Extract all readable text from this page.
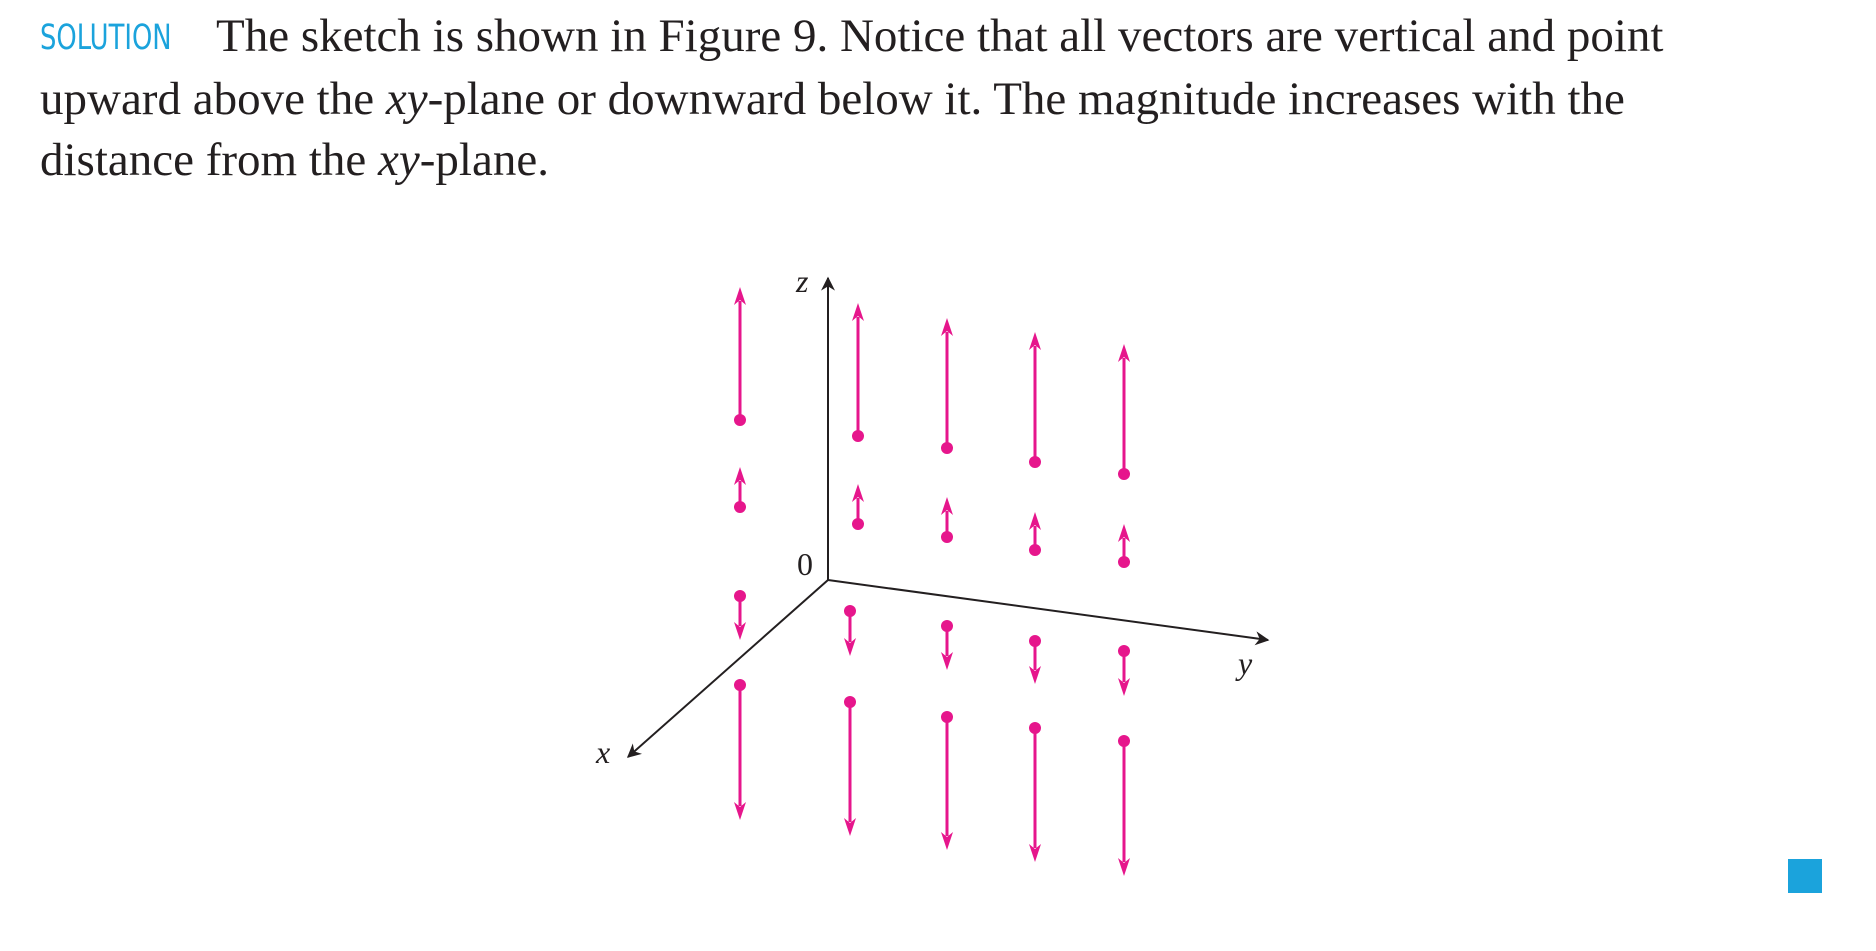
SOLUTION The sketch is shown in Figure 9. Notice that all vectors are vertical and point
upward above the xy-plane or downward below it. The magnitude increases with the
distance from the xy-plane.
z
y
x
0
